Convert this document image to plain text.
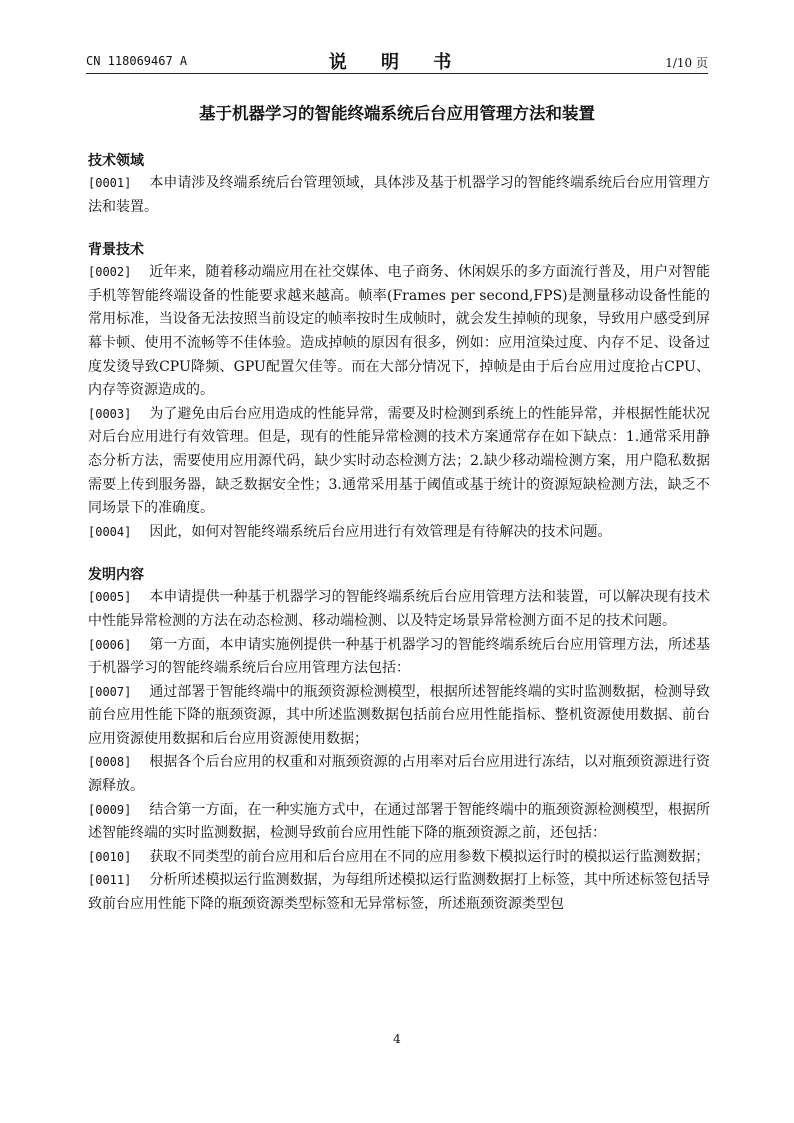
CN 118069467 A	说 明 书	1/10 页
基于机器学习的智能终端系统后台应用管理方法和装置

技术领域

[0001] 本申请涉及终端系统后台管理领域，具体涉及基于机器学习的智能终端系统后台应用管理方法和装置。

背景技术

[0002] 近年来，随着移动端应用在社交媒体、电子商务、休闲娱乐的多方面流行普及，用户对智能手机等智能终端设备的性能要求越来越高。帧率(Frames per second,FPS)是测量移动设备性能的常用标准，当设备无法按照当前设定的帧率按时生成帧时，就会发生掉帧的现象，导致用户感受到屏幕卡顿、使用不流畅等不佳体验。造成掉帧的原因有很多，例如：应用渲染过度、内存不足、设备过度发烫导致CPU降频、GPU配置欠佳等。而在大部分情况下，掉帧是由于后台应用过度抢占CPU、内存等资源造成的。

[0003] 为了避免由后台应用造成的性能异常，需要及时检测到系统上的性能异常，并根据性能状况对后台应用进行有效管理。但是，现有的性能异常检测的技术方案通常存在如下缺点：1.通常采用静态分析方法，需要使用应用源代码，缺少实时动态检测方法；2.缺少移动端检测方案，用户隐私数据需要上传到服务器，缺乏数据安全性；3.通常采用基于阈值或基于统计的资源短缺检测方法，缺乏不同场景下的准确度。

[0004] 因此，如何对智能终端系统后台应用进行有效管理是有待解决的技术问题。

发明内容

[0005] 本申请提供一种基于机器学习的智能终端系统后台应用管理方法和装置，可以解决现有技术中性能异常检测的方法在动态检测、移动端检测、以及特定场景异常检测方面不足的技术问题。

[0006] 第一方面，本申请实施例提供一种基于机器学习的智能终端系统后台应用管理方法，所述基于机器学习的智能终端系统后台应用管理方法包括：

[0007] 通过部署于智能终端中的瓶颈资源检测模型，根据所述智能终端的实时监测数据，检测导致前台应用性能下降的瓶颈资源，其中所述监测数据包括前台应用性能指标、整机资源使用数据、前台应用资源使用数据和后台应用资源使用数据；

[0008] 根据各个后台应用的权重和对瓶颈资源的占用率对后台应用进行冻结，以对瓶颈资源进行资源释放。

[0009] 结合第一方面，在一种实施方式中，在通过部署于智能终端中的瓶颈资源检测模型，根据所述智能终端的实时监测数据，检测导致前台应用性能下降的瓶颈资源之前，还包括：

[0010] 获取不同类型的前台应用和后台应用在不同的应用参数下模拟运行时的模拟运行监测数据；

[0011] 分析所述模拟运行监测数据，为每组所述模拟运行监测数据打上标签，其中所述标签包括导致前台应用性能下降的瓶颈资源类型标签和无异常标签，所述瓶颈资源类型包

4
